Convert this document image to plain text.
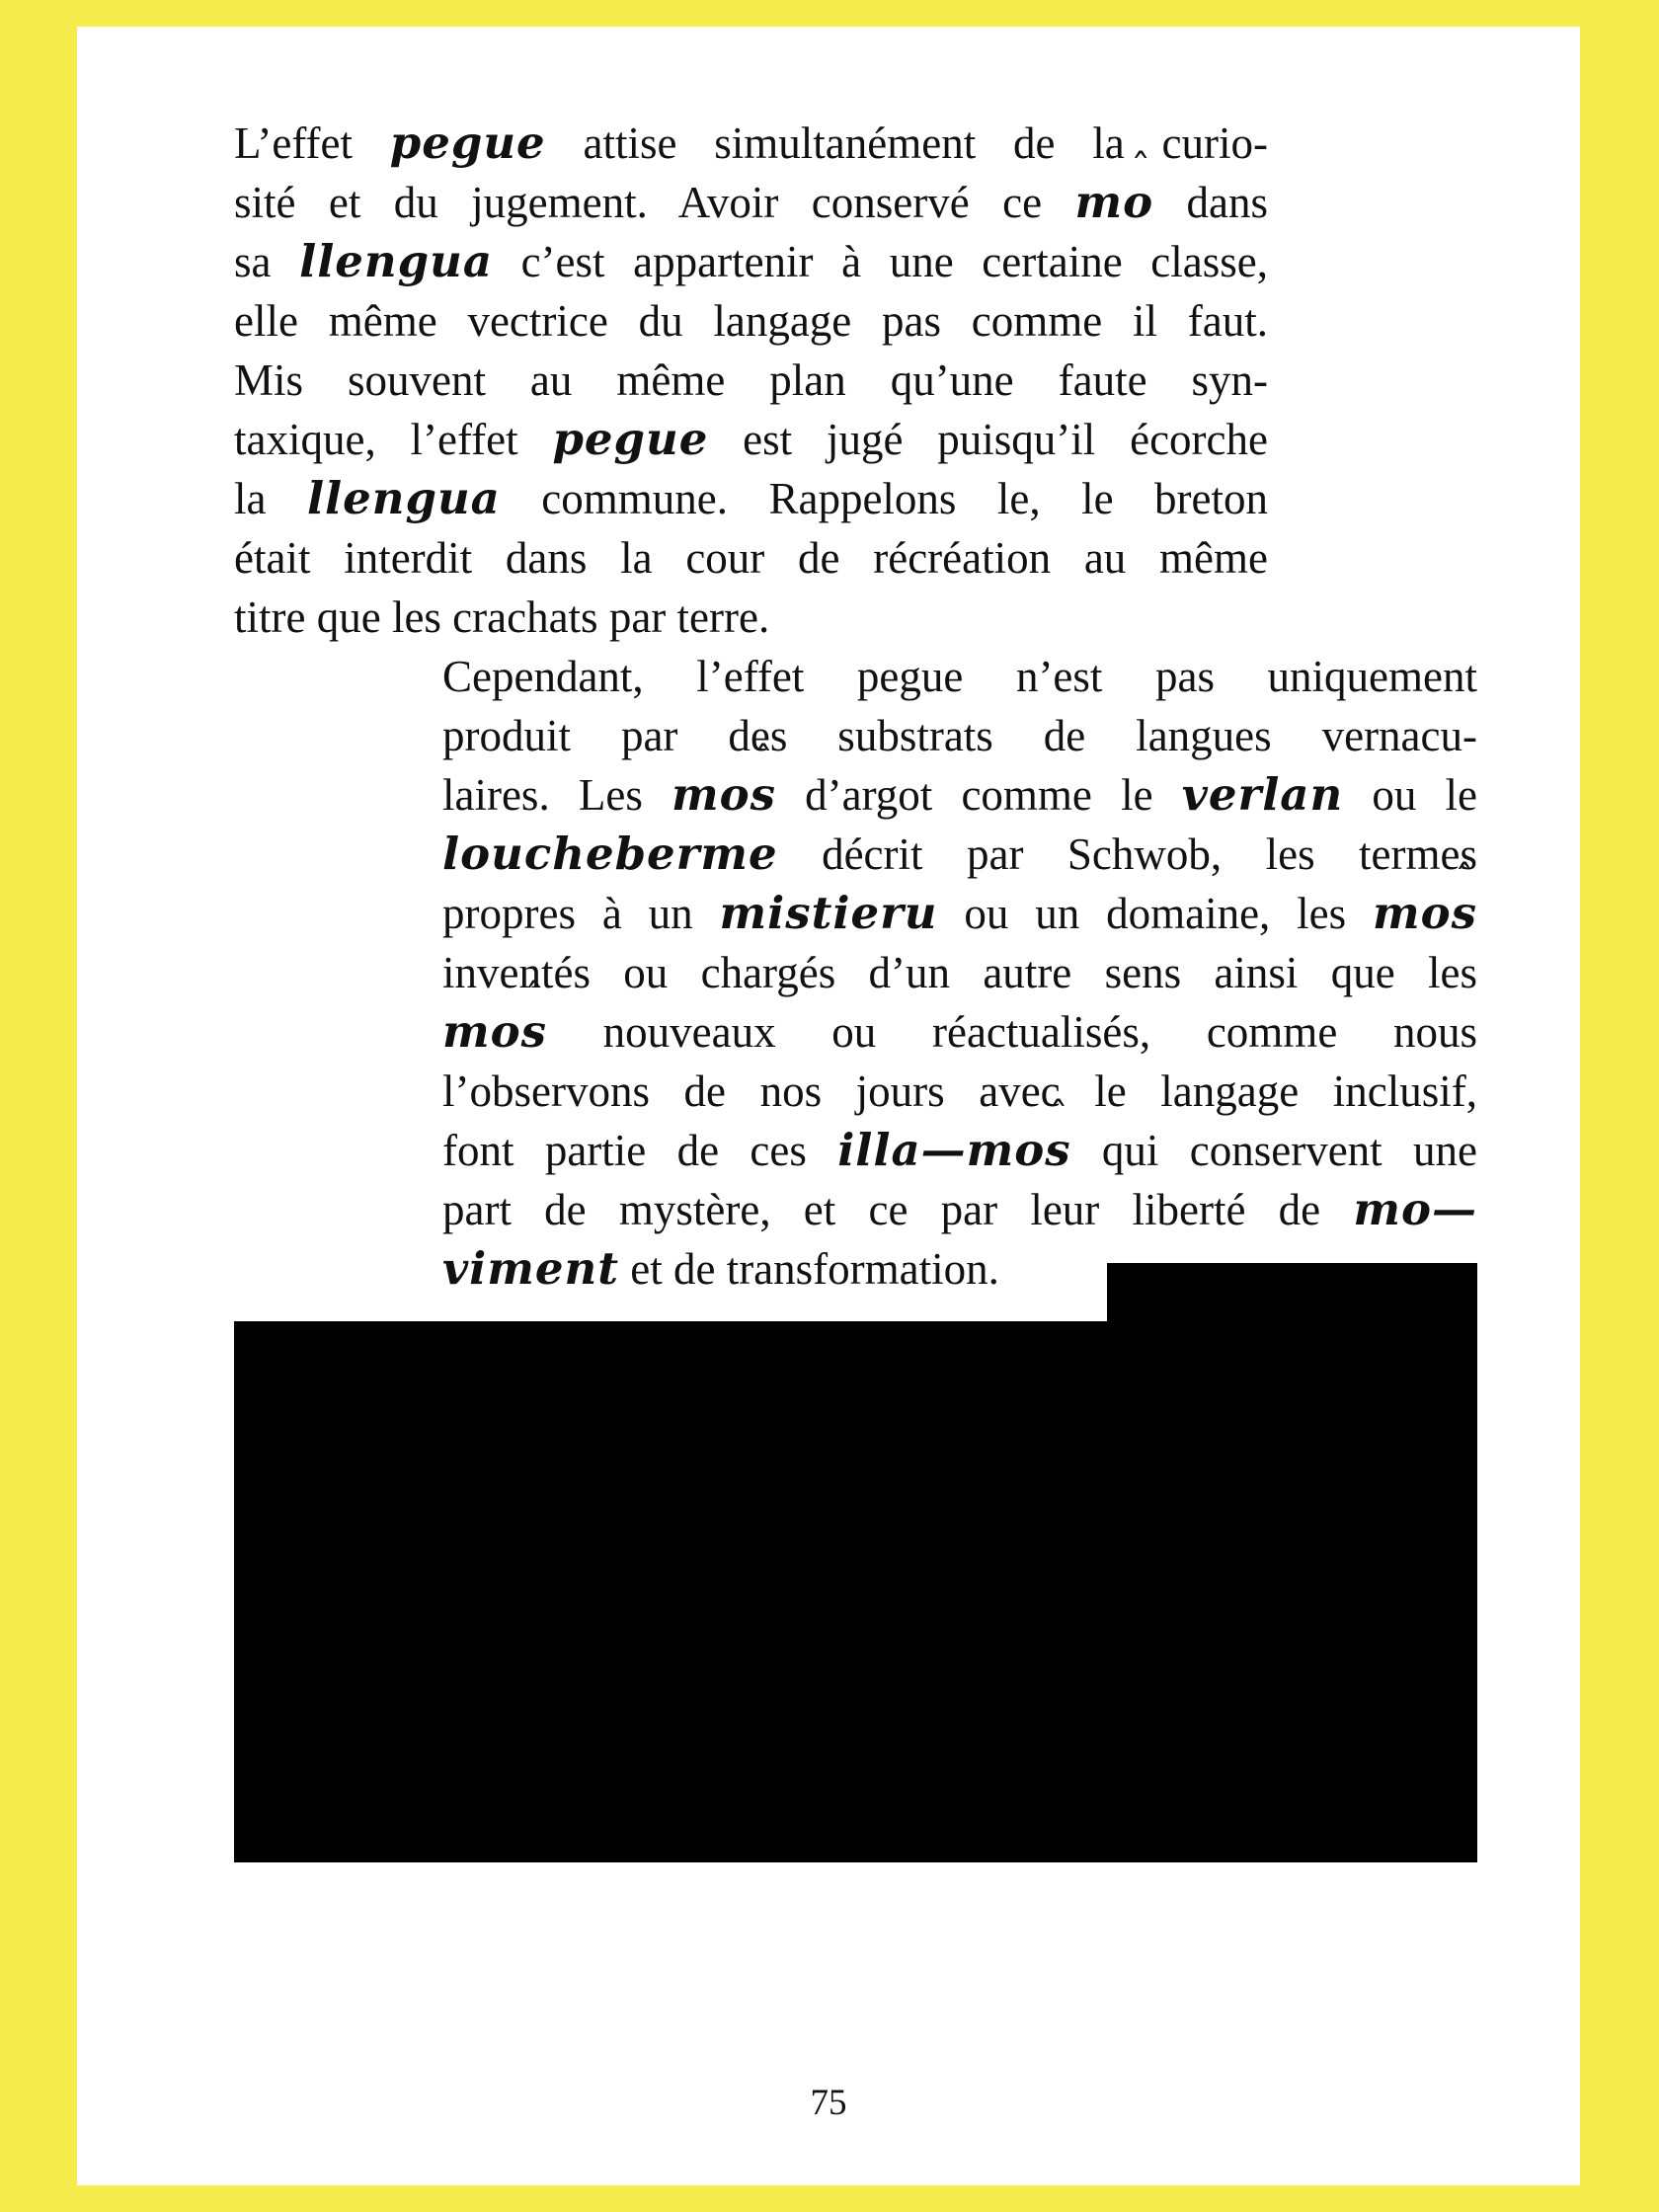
L’effet pegue attise simultanément de la curio-
sité et du jugement. Avoir conservé ce mo ˆ dans
sa llengua c’est appartenir à une certaine classe,
elle même vectrice du langage pas comme il faut.
Mis souvent au même plan qu’une faute syn-
taxique, l’effet pegue est jugé puisqu’il écorche
la llengua commune. Rappelons le, le breton
était interdit dans la cour de récréation au même
titre que les crachats par terre.

Cependant, l’effet pegue n’est pas uniquement
produit par des substrats de langues vernacu-
laires. Les mos ˆ d’argot comme le verlan ou le
loucheberme décrit par Schwob, les termes
propres à un mistieru ou un domaine, les mos ˆ
inventés ou chargés d’un autre sens ainsi que les
mos ˆ nouveaux ou réactualisés, comme nous
l’observons de nos jours avec le langage inclusif,
font partie de ces illa—mos ˆ qui conservent une
part de mystère, et ce par leur liberté de mo—
viment et de transformation.

75
